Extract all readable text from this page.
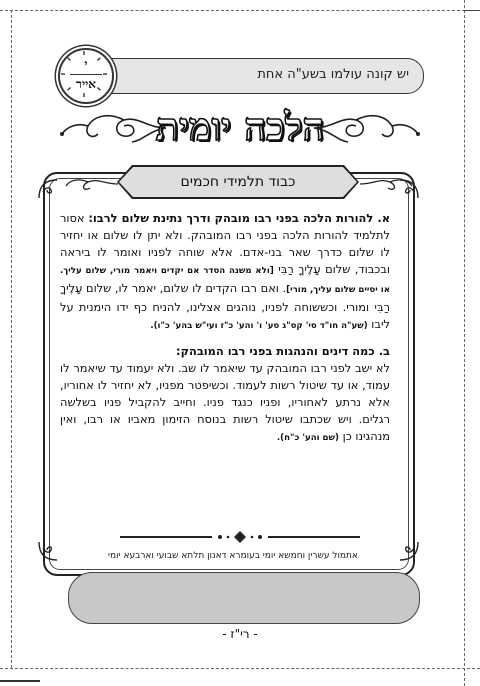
יש קונה עולמו בשע"ה אחת
י
אייר
הלכה יומית
כבוד תלמידי חכמים

א. להורות הלכה בפני רבו מובהק ודרך נתינת שלום לרבו: אסור לתלמיד להורות הלכה בפני רבו המובהק. ולא יתן לו שלום או יחזיר לו שלום כדרך שאר בני-אדם. אלא שוחה לפניו ואומר לו ביראה ובכבוד, שלום עָלֶיךָ רַבִּי [ולא משנה הסדר אם יקדים ויאמר מורי, שלום עליך. או יסיים שלום עליך, מורי]. ואם רבו הקדים לו שלום, יאמר לו, שלום עָלֶיךָ רַבִּי ומורי. וכששוחה לפניו, נוהגים אצלינו, להניח כף ידו הימנית על ליבו (שע"ה חו"ד סי' קס"ג סע' ו' והע' כ"ז ועי"ש בהע' כ"ו).

ב. כמה דינים והנהגות בפני רבו המובהק:
לא ישב לפני רבו המובהק עד שיאמר לו שב. ולא יעמוד עד שיאמר לו עמוד, או עד שיטול רשות לעמוד. וכשיפטר מפניו, לא יחזיר לו אחוריו, אלא נרתע לאחוריו, ופניו כנגד פניו. וחייב להקביל פניו בשלשה רגלים. ויש שכתבו שיטול רשות בנוסח הזימון מאביו או רבו, ואין מנהגינו כן (שם והע' כ"ח).

אתמול עשרין וחמשא יומי בעומרא דאנון תלתא שבועי וארבעא יומי
- רי"ז -
